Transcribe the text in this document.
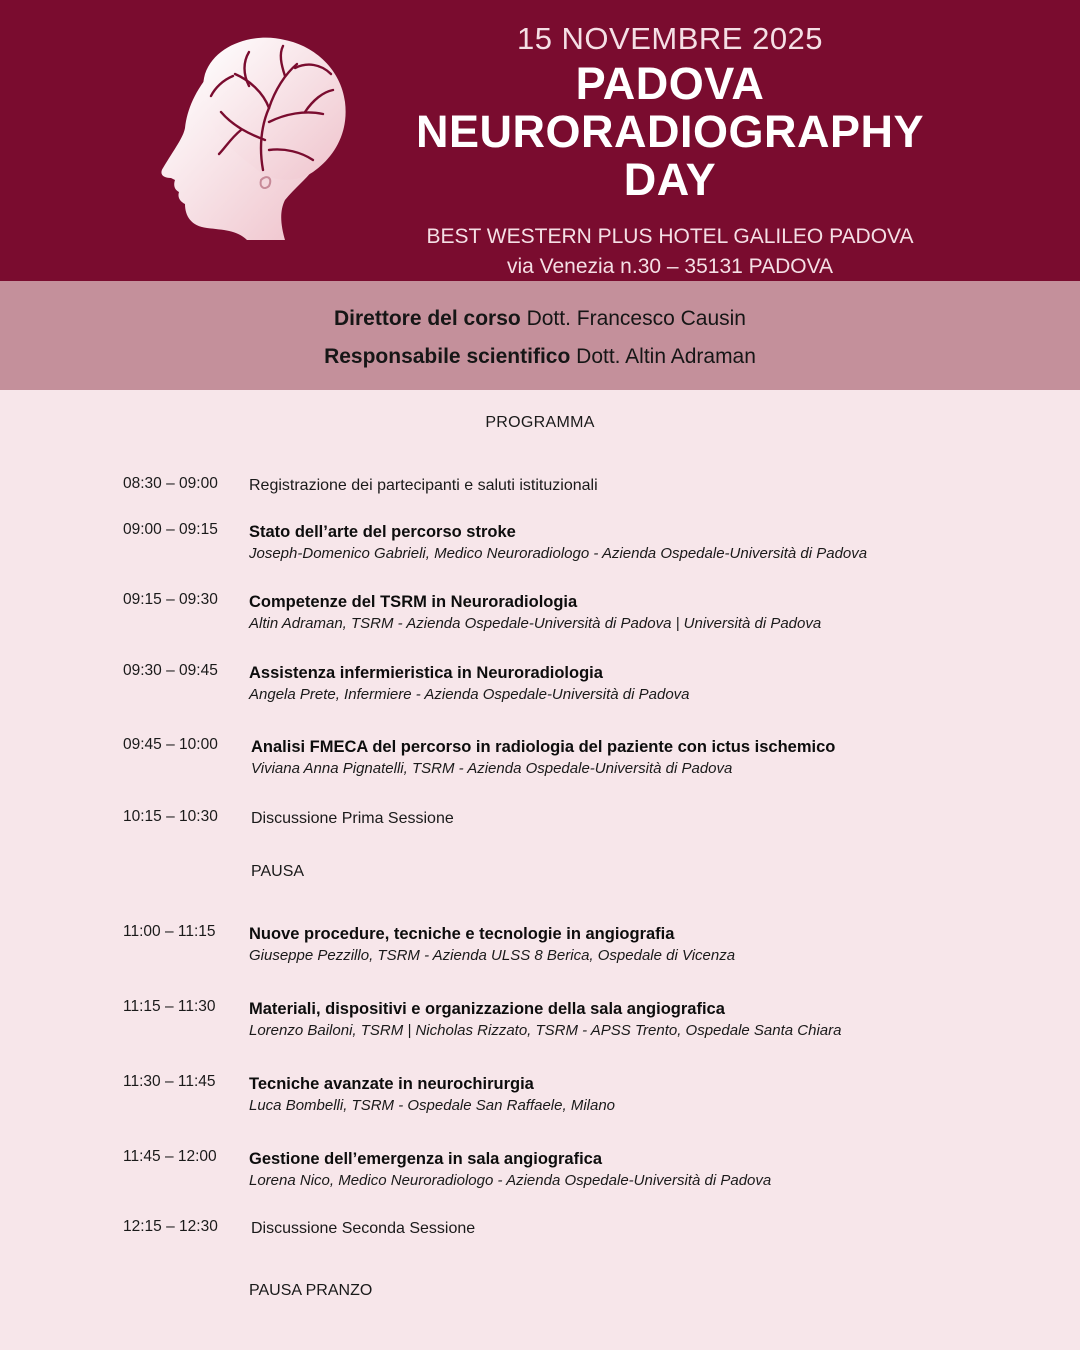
15 NOVEMBRE 2025
PADOVA
NEURORADIOGRAPHY
DAY
BEST WESTERN PLUS HOTEL GALILEO PADOVA
via Venezia n.30 – 35131 PADOVA
Direttore del corso Dott. Francesco Causin
Responsabile scientifico Dott. Altin Adraman
PROGRAMMA
08:30 – 09:00 Registrazione dei partecipanti e saluti istituzionali
09:00 – 09:15 Stato dell’arte del percorso stroke
Joseph-Domenico Gabrieli, Medico Neuroradiologo - Azienda Ospedale-Università di Padova
09:15 – 09:30 Competenze del TSRM in Neuroradiologia
Altin Adraman, TSRM - Azienda Ospedale-Università di Padova | Università di Padova
09:30 – 09:45 Assistenza infermieristica in Neuroradiologia
Angela Prete, Infermiere - Azienda Ospedale-Università di Padova
09:45 – 10:00 Analisi FMECA del percorso in radiologia del paziente con ictus ischemico
Viviana Anna Pignatelli, TSRM - Azienda Ospedale-Università di Padova
10:15 – 10:30 Discussione Prima Sessione
PAUSA
11:00 – 11:15 Nuove procedure, tecniche e tecnologie in angiografia
Giuseppe Pezzillo, TSRM - Azienda ULSS 8 Berica, Ospedale di Vicenza
11:15 – 11:30 Materiali, dispositivi e organizzazione della sala angiografica
Lorenzo Bailoni, TSRM | Nicholas Rizzato, TSRM - APSS Trento, Ospedale Santa Chiara
11:30 – 11:45 Tecniche avanzate in neurochirurgia
Luca Bombelli, TSRM - Ospedale San Raffaele, Milano
11:45 – 12:00 Gestione dell’emergenza in sala angiografica
Lorena Nico, Medico Neuroradiologo - Azienda Ospedale-Università di Padova
12:15 – 12:30 Discussione Seconda Sessione
PAUSA PRANZO
